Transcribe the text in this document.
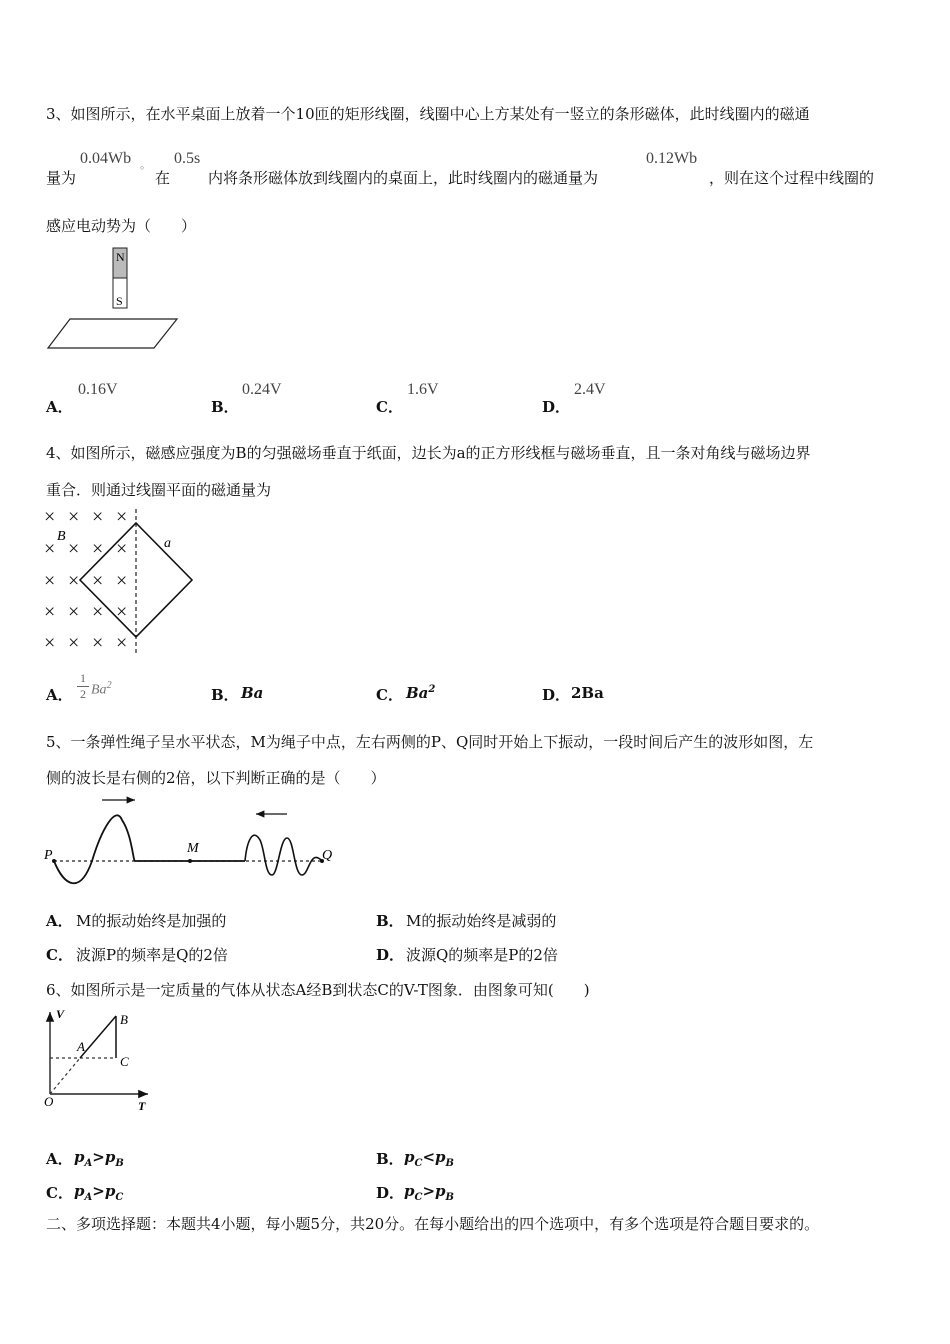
3、如图所示，在水平桌面上放着一个10匝的矩形线圈，线圈中心上方某处有一竖立的条形磁体，此时线圈内的磁通
量为
0.04Wb 。
在
0.5s
内将条形磁体放到线圈内的桌面上，此时线圈内的磁通量为
0.12Wb
，则在这个过程中线圈的
感应电动势为（　　）
N
S
A．
0.16V
B．
0.24V
C．
1.6V
D．
2.4V
4、如图所示，磁感应强度为B的匀强磁场垂直于纸面，边长为a的正方形线框与磁场垂直，且一条对角线与磁场边界
重合．则通过线圈平面的磁通量为
× × × ×
× × × ×
× × × ×
× × × ×
× × × ×
B	a
A．
1
2 Ba$^2$
B． Ba	C． Ba$^2$	D． 2Ba
5、一条弹性绳子呈水平状态，M为绳子中点，左右两侧的P、Q同时开始上下振动，一段时间后产生的波形如图，左
侧的波长是右侧的2倍，以下判断正确的是（　　）
P	M	Q
A． M的振动始终是加强的	B． M的振动始终是减弱的
C． 波源P的频率是Q的2倍	D． 波源Q的频率是P的2倍
6、如图所示是一定质量的气体从状态A经B到状态C的V-T图象．由图象可知(　　)
V
T
O
A
B
C
A． $p_A>p_B$	B． $p_C<p_B$
C． $p_A>p_C$	D． $p_C>p_B$
二、多项选择题：本题共4小题，每小题5分，共20分。在每小题给出的四个选项中，有多个选项是符合题目要求的。
